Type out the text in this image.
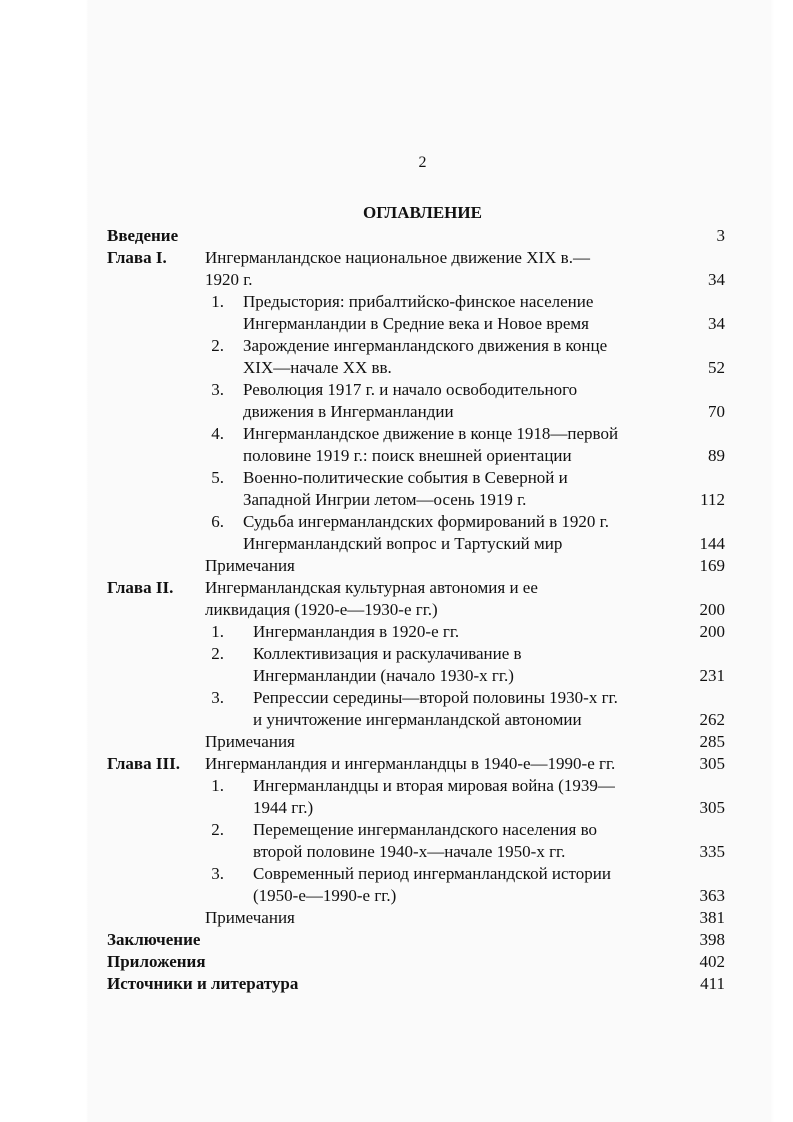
2
ОГЛАВЛЕНИЕ
Введение	3
Глава I. Ингерманландское национальное движение XIX в.—
1920 г.	34
1. Предыстория: прибалтийско-финское население
Ингерманландии в Средние века и Новое время	34
2. Зарождение ингерманландского движения в конце
XIX—начале XX вв.	52
3. Революция 1917 г. и начало освободительного
движения в Ингерманландии	70
4. Ингерманландское движение в конце 1918—первой
половине 1919 г.: поиск внешней ориентации	89
5. Военно-политические события в Северной и
Западной Ингрии летом—осень 1919 г.	112
6. Судьба ингерманландских формирований в 1920 г.
Ингерманландский вопрос и Тартуский мир	144
Примечания	169
Глава II. Ингерманландская культурная автономия и ее
ликвидация (1920-е—1930-е гг.)	200
1. Ингерманландия в 1920-е гг.	200
2. Коллективизация и раскулачивание в
Ингерманландии (начало 1930-х гг.)	231
3. Репрессии середины—второй половины 1930-х гг.
и уничтожение ингерманландской автономии	262
Примечания	285
Глава III. Ингерманландия и ингерманландцы в 1940-е—1990-е гг.	305
1. Ингерманландцы и вторая мировая война (1939—
1944 гг.)	305
2. Перемещение ингерманландского населения во
второй половине 1940-х—начале 1950-х гг.	335
3. Современный период ингерманландской истории
(1950-е—1990-е гг.)	363
Примечания	381
Заключение	398
Приложения	402
Источники и литература	411
